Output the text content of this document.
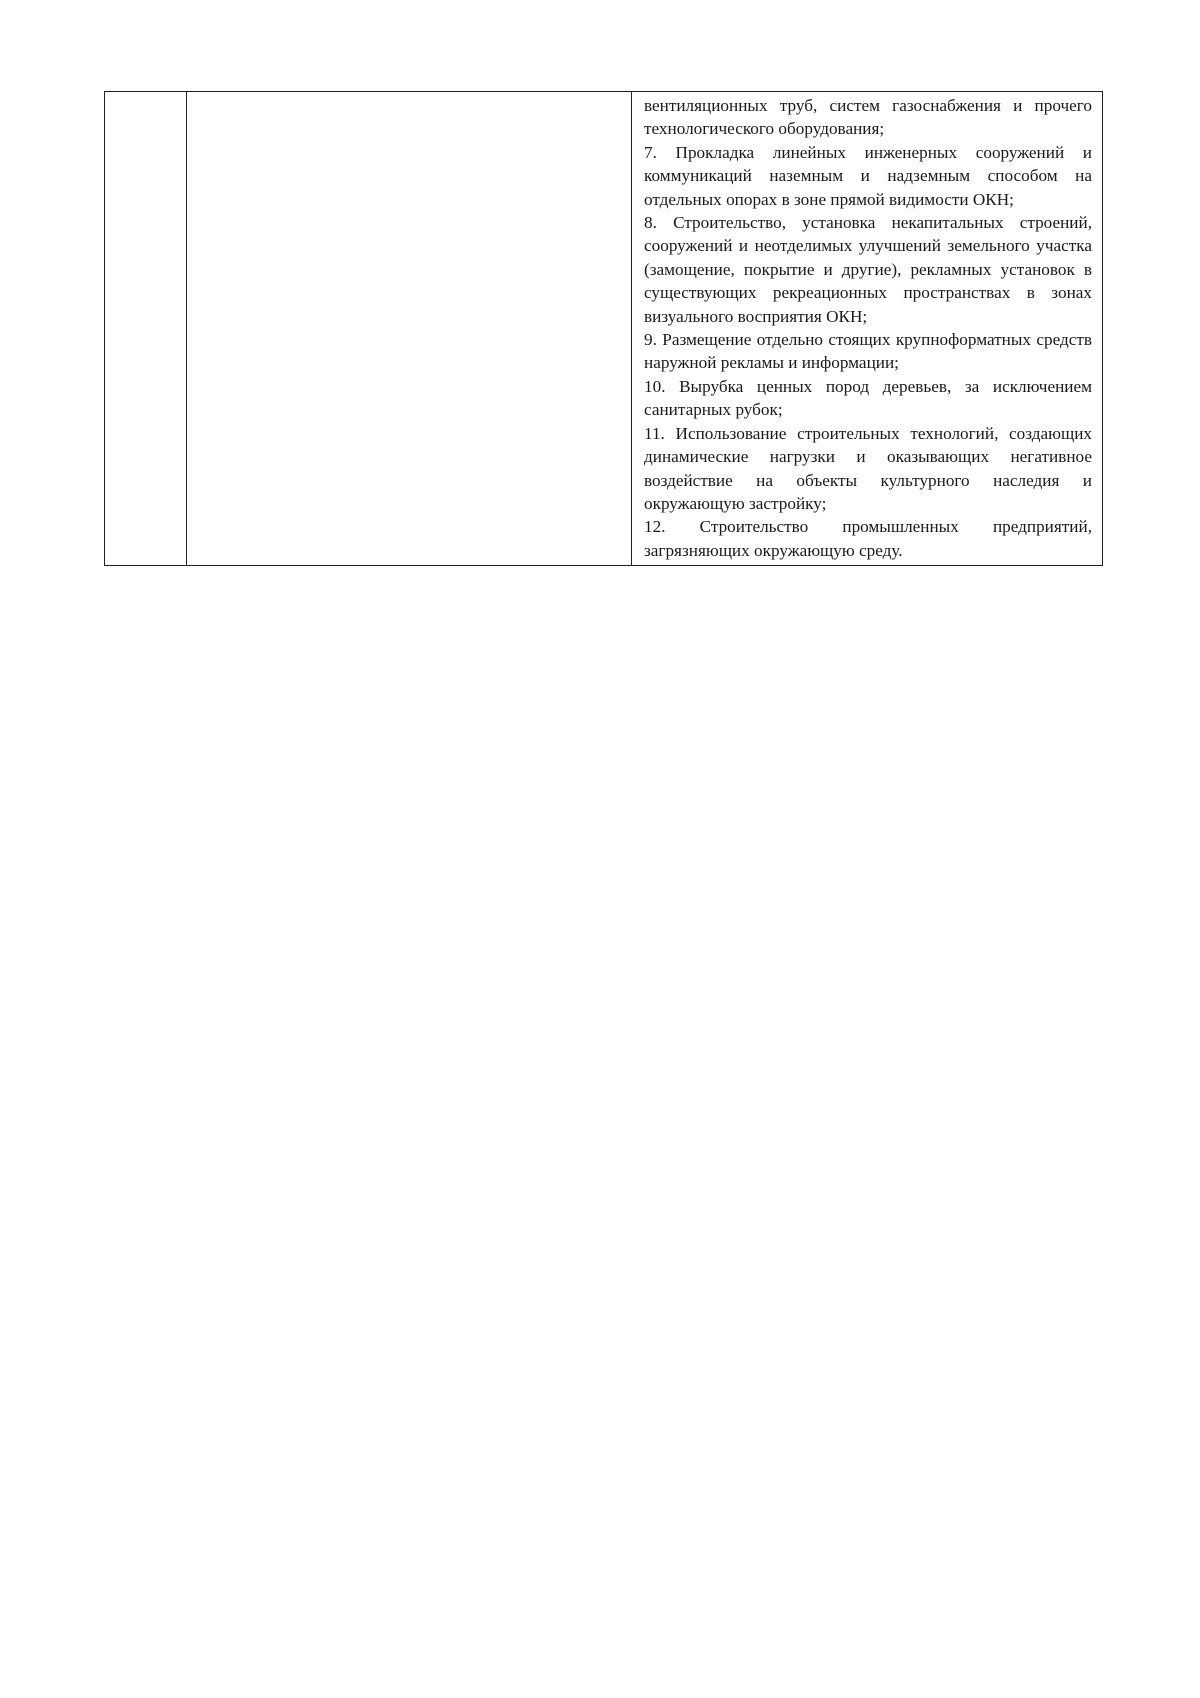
вентиляционных труб, систем газоснабжения и прочего технологического оборудования;

7. Прокладка линейных инженерных сооружений и коммуникаций наземным и надземным способом на отдельных опорах в зоне прямой видимости ОКН;

8. Строительство, установка некапитальных строений, сооружений и неотделимых улучшений земельного участка (замощение, покрытие и другие), рекламных установок в существующих рекреационных пространствах в зонах визуального восприятия ОКН;

9. Размещение отдельно стоящих крупноформатных средств наружной рекламы и информации;

10. Вырубка ценных пород деревьев, за исключением санитарных рубок;

11. Использование строительных технологий, создающих динамические нагрузки и оказывающих негативное воздействие на объекты культурного наследия и окружающую застройку;

12. Строительство промышленных предприятий, загрязняющих окружающую среду.
